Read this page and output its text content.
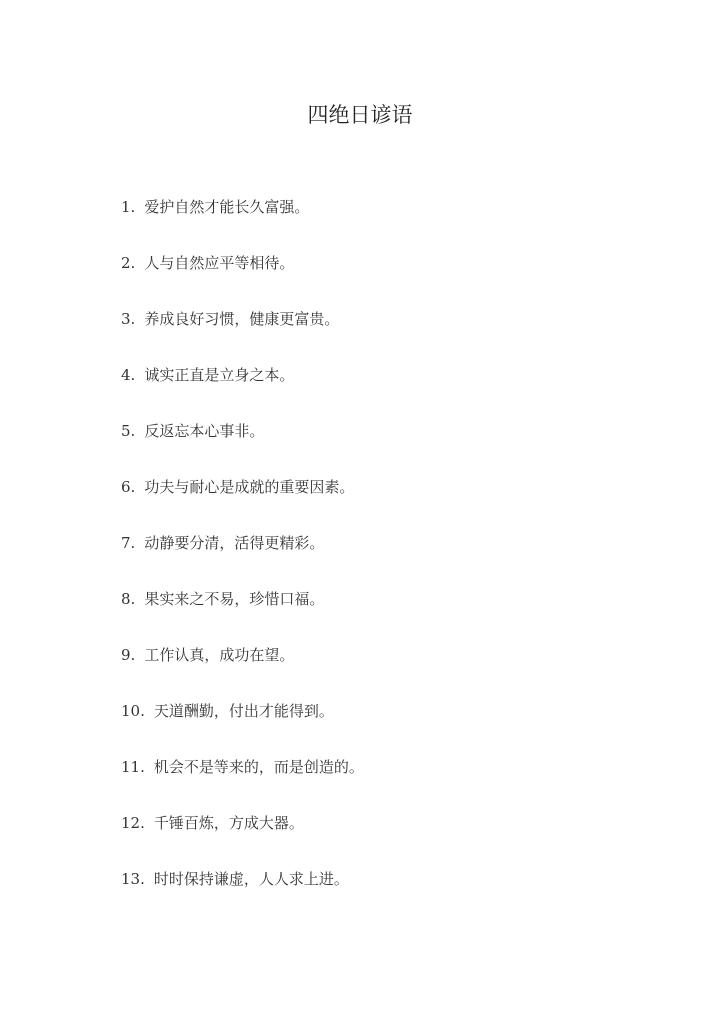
四绝日谚语
1. 爱护自然才能长久富强。
2. 人与自然应平等相待。
3. 养成良好习惯，健康更富贵。
4. 诚实正直是立身之本。
5. 反返忘本心事非。
6. 功夫与耐心是成就的重要因素。
7. 动静要分清，活得更精彩。
8. 果实来之不易，珍惜口福。
9. 工作认真，成功在望。
10. 天道酬勤，付出才能得到。
11. 机会不是等来的，而是创造的。
12. 千锤百炼，方成大器。
13. 时时保持谦虚，人人求上进。
